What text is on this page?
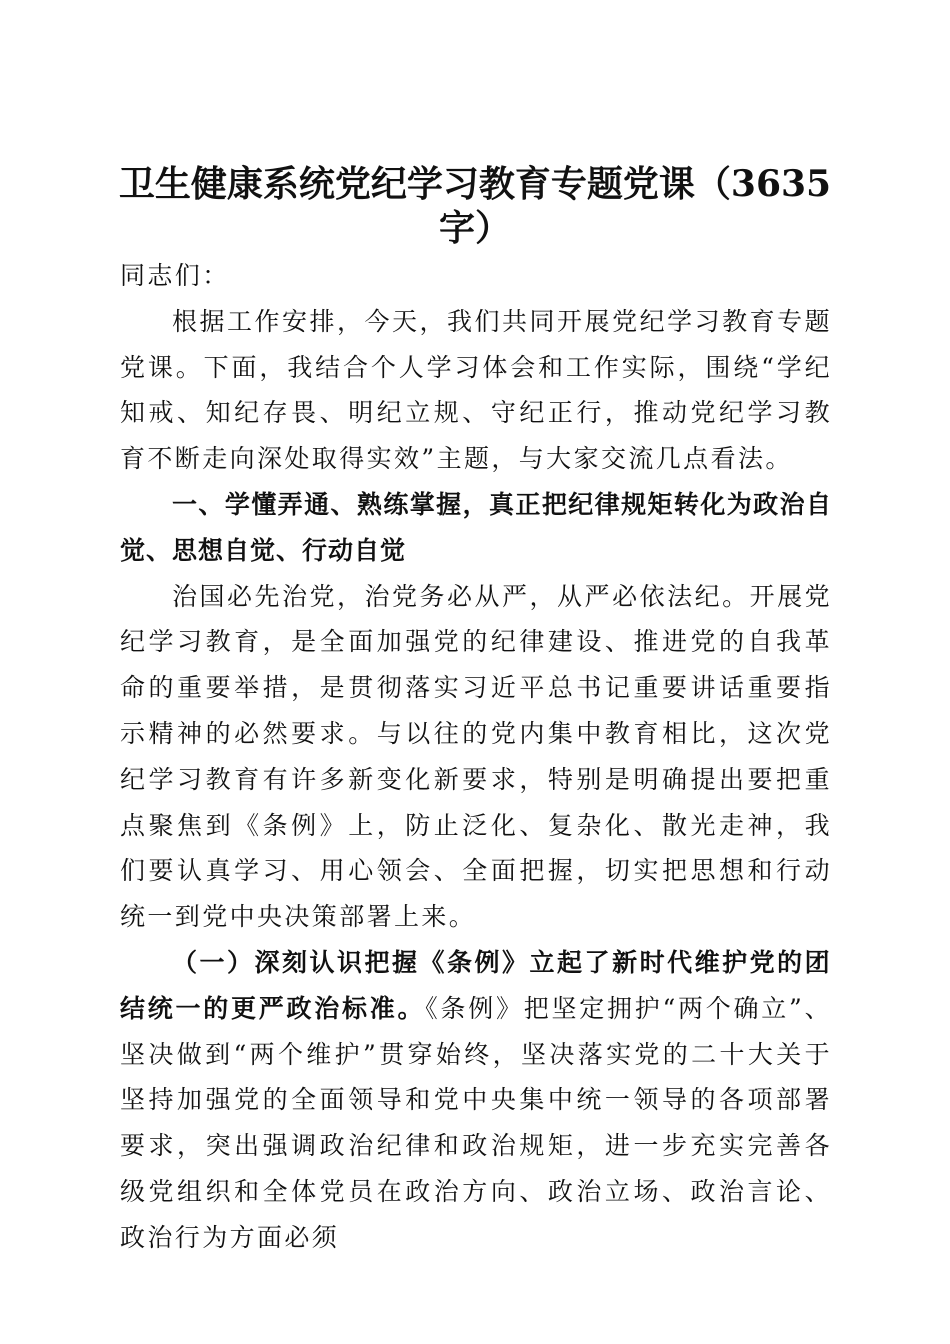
卫生健康系统党纪学习教育专题党课（3635
字）

同志们：

根据工作安排，今天，我们共同开展党纪学习教育专题党课。下面，我结合个人学习体会和工作实际，围绕“学纪知戒、知纪存畏、明纪立规、守纪正行，推动党纪学习教育不断走向深处取得实效”主题，与大家交流几点看法。

一、学懂弄通、熟练掌握，真正把纪律规矩转化为政治自觉、思想自觉、行动自觉

治国必先治党，治党务必从严，从严必依法纪。开展党纪学习教育，是全面加强党的纪律建设、推进党的自我革命的重要举措，是贯彻落实习近平总书记重要讲话重要指示精神的必然要求。与以往的党内集中教育相比，这次党纪学习教育有许多新变化新要求，特别是明确提出要把重点聚焦到《条例》上，防止泛化、复杂化、散光走神，我们要认真学习、用心领会、全面把握，切实把思想和行动统一到党中央决策部署上来。

（一）深刻认识把握《条例》立起了新时代维护党的团结统一的更严政治标准。《条例》把坚定拥护“两个确立”、坚决做到“两个维护”贯穿始终，坚决落实党的二十大关于坚持加强党的全面领导和党中央集中统一领导的各项部署要求，突出强调政治纪律和政治规矩，进一步充实完善各级党组织和全体党员在政治方向、政治立场、政治言论、政治行为方面必须
